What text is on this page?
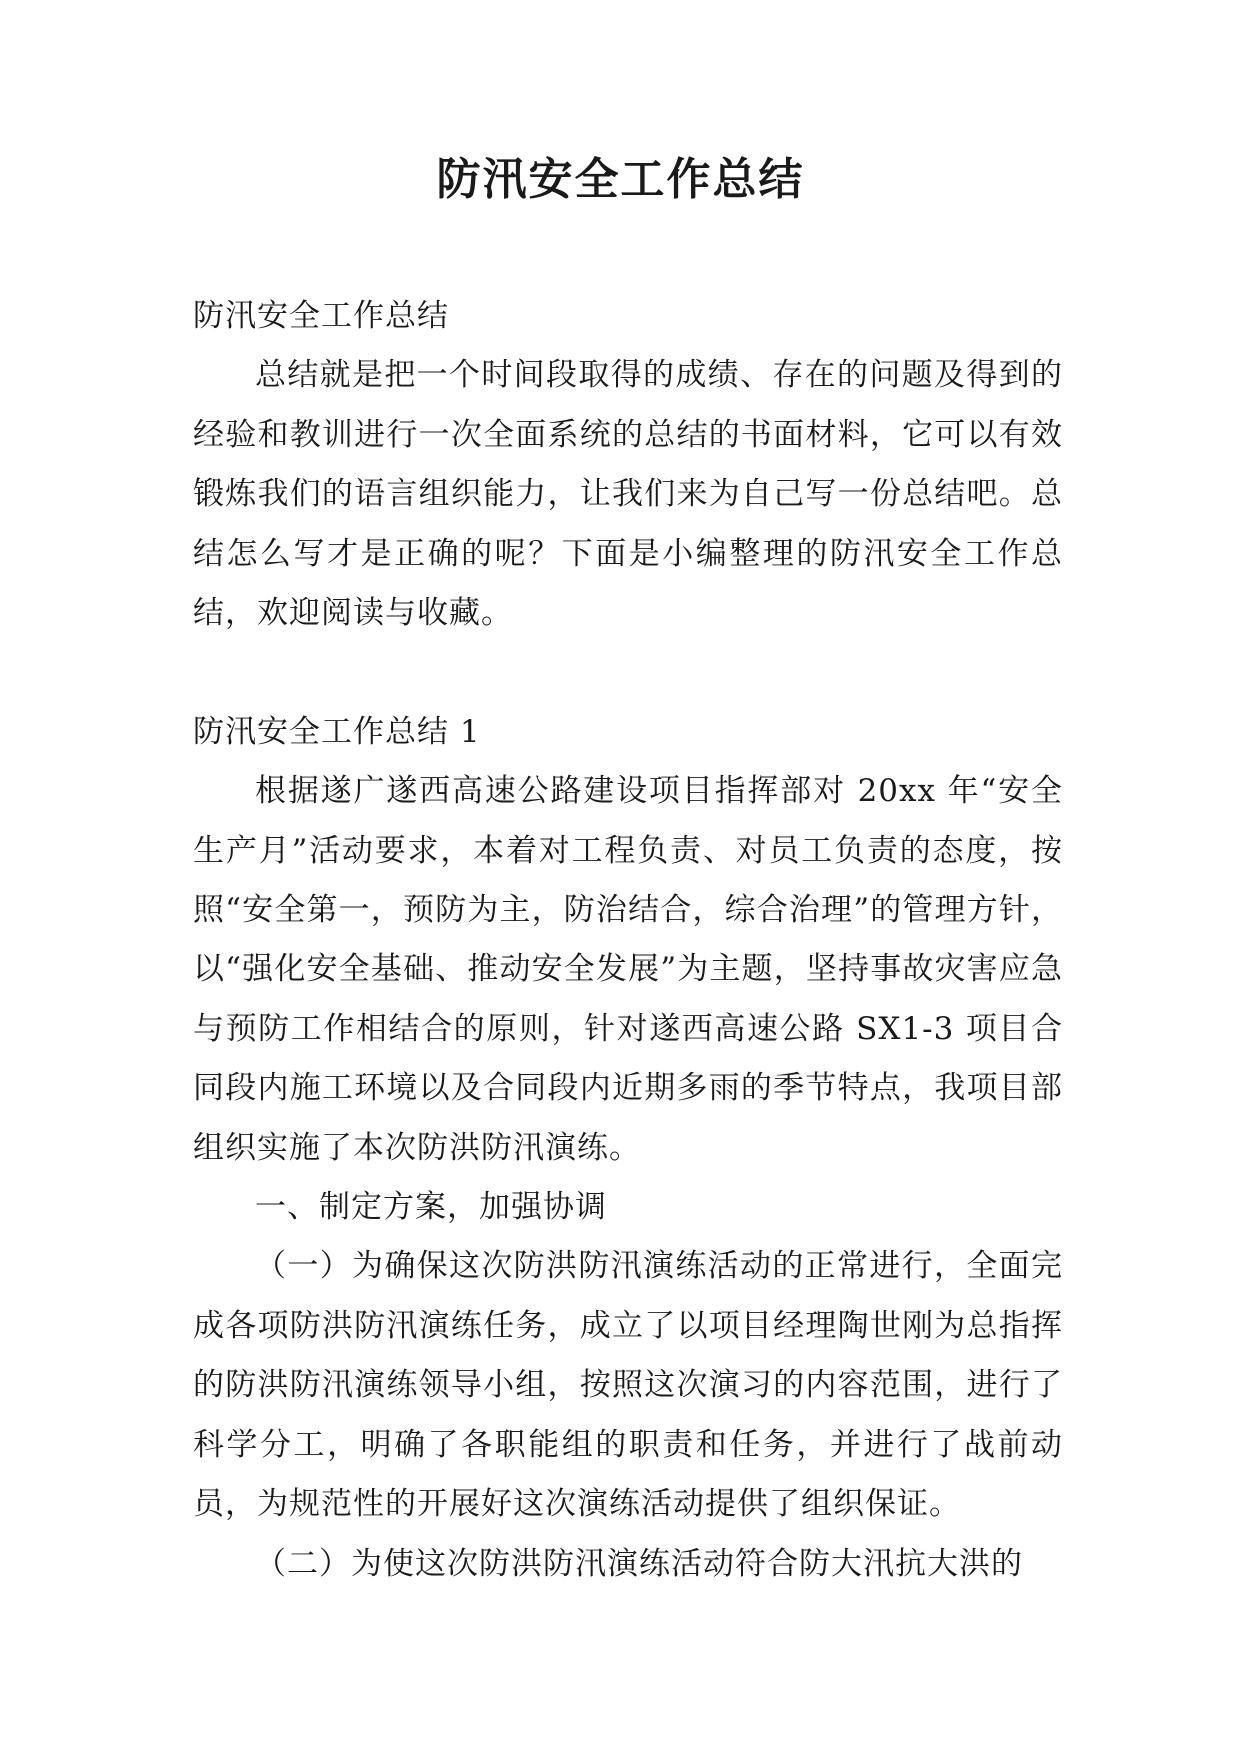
防汛安全工作总结

防汛安全工作总结

总结就是把一个时间段取得的成绩、存在的问题及得到的经验和教训进行一次全面系统的总结的书面材料，它可以有效锻炼我们的语言组织能力，让我们来为自己写一份总结吧。总结怎么写才是正确的呢？下面是小编整理的防汛安全工作总结，欢迎阅读与收藏。

防汛安全工作总结 1

根据遂广遂西高速公路建设项目指挥部对 20xx 年“安全生产月”活动要求，本着对工程负责、对员工负责的态度，按照“安全第一，预防为主，防治结合，综合治理”的管理方针，以“强化安全基础、推动安全发展”为主题，坚持事故灾害应急与预防工作相结合的原则，针对遂西高速公路 SX1-3 项目合同段内施工环境以及合同段内近期多雨的季节特点，我项目部组织实施了本次防洪防汛演练。

一、制定方案，加强协调

（一）为确保这次防洪防汛演练活动的正常进行，全面完成各项防洪防汛演练任务，成立了以项目经理陶世刚为总指挥的防洪防汛演练领导小组，按照这次演习的内容范围，进行了科学分工，明确了各职能组的职责和任务，并进行了战前动员，为规范性的开展好这次演练活动提供了组织保证。

（二）为使这次防洪防汛演练活动符合防大汛抗大洪的
